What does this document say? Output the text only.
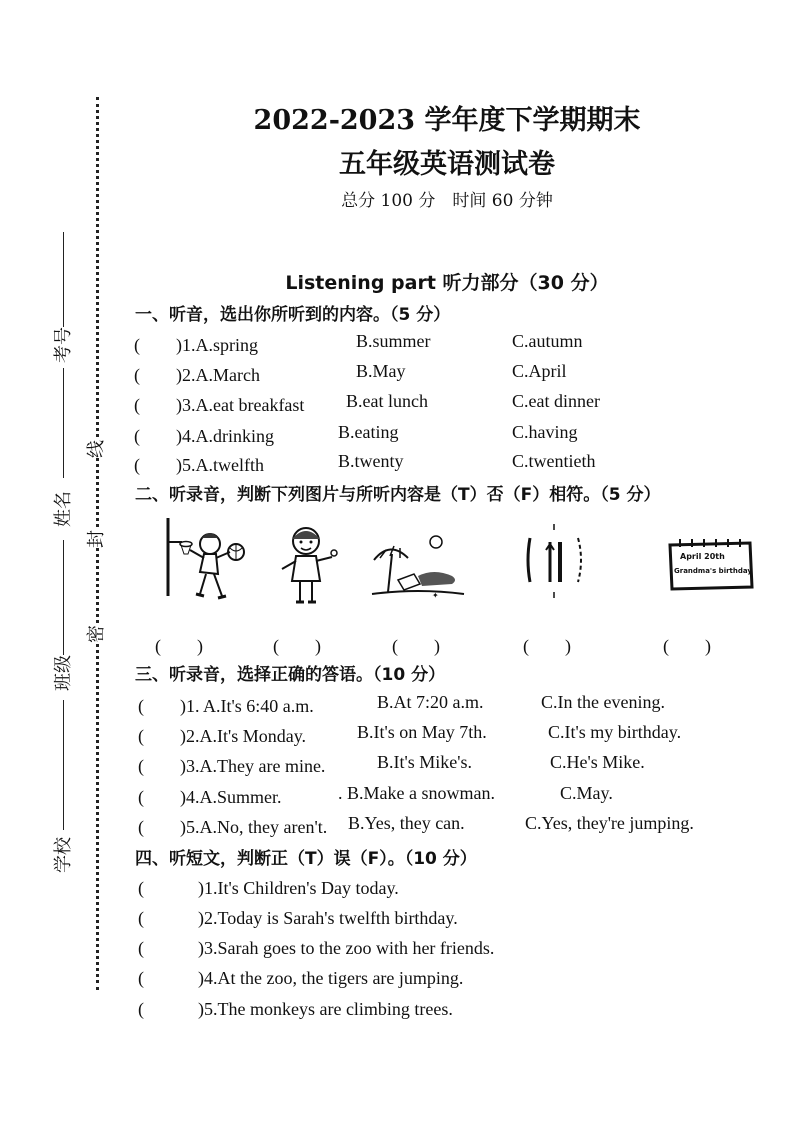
考号
姓名
班级
学校
线
封
密
2022-2023 学年度下学期期末
五年级英语测试卷
总分 100 分　时间 60 分钟
Listening part 听力部分（30 分）
一、听音，选出你所听到的内容。（5 分）
(　　)1.A.spring	B.summer	C.autumn
(　　)2.A.March	B.May	C.April
(　　)3.A.eat breakfast B.eat lunch	C.eat dinner
(　　)4.A.drinking	B.eating	C.having
(　　)5.A.twelfth	B.twenty	C.twentieth
二、听录音，判断下列图片与所听内容是（T）否（F）相符。（5 分）
✦
April 20th
Grandma's birthday
(　　)	(　　)	(　　)	(　　)	(　　)
三、听录音，选择正确的答语。（10 分）
(　　)1. A.It's 6:40 a.m.	B.At 7:20 a.m.	C.In the evening.
(　　)2.A.It's Monday.	B.It's on May 7th.	C.It's my birthday.
(　　)3.A.They are mine.	B.It's Mike's.	C.He's Mike.
(　　)4.A.Summer.	. B.Make a snowman.	C.May.
(　　)5.A.No, they aren't. B.Yes, they can.	C.Yes, they're jumping.
四、听短文，判断正（T）误（F）。（10 分）
(　　　)1.It's Children's Day today.
(　　　)2.Today is Sarah's twelfth birthday.
(　　　)3.Sarah goes to the zoo with her friends.
(　　　)4.At the zoo, the tigers are jumping.
(　　　)5.The monkeys are climbing trees.
